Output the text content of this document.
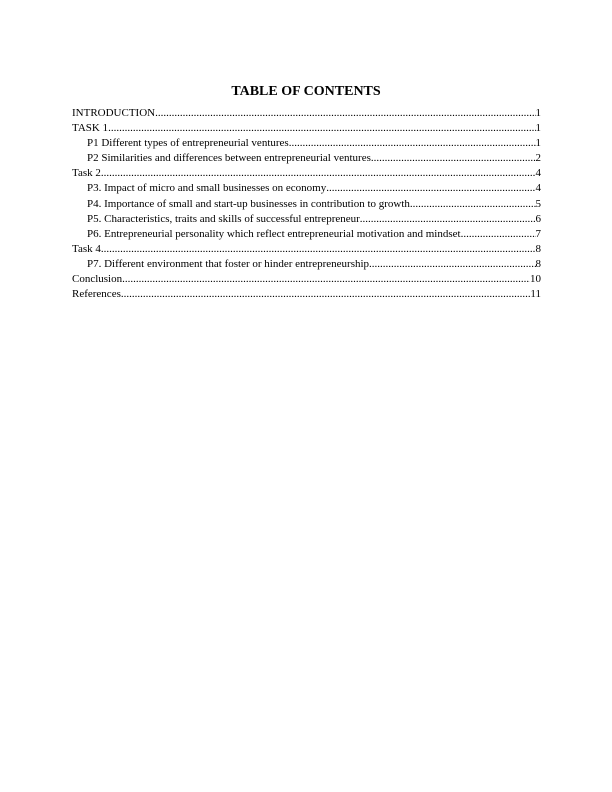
TABLE OF CONTENTS
INTRODUCTION .....	1
TASK 1 .....	1
P1 Different types of entrepreneurial ventures .....	1
P2 Similarities and differences between entrepreneurial ventures .....	2
Task 2 .....	4
P3. Impact of micro and small businesses on economy .....	4
P4. Importance of small and start-up businesses in contribution to growth .....	5
P5. Characteristics, traits and skills of successful entrepreneur .....	6
P6. Entrepreneurial personality which reflect entrepreneurial motivation and mindset .....	7
Task 4 .....	8
P7. Different environment that foster or hinder entrepreneurship .....	8
Conclusion .....	10
References .....	11
